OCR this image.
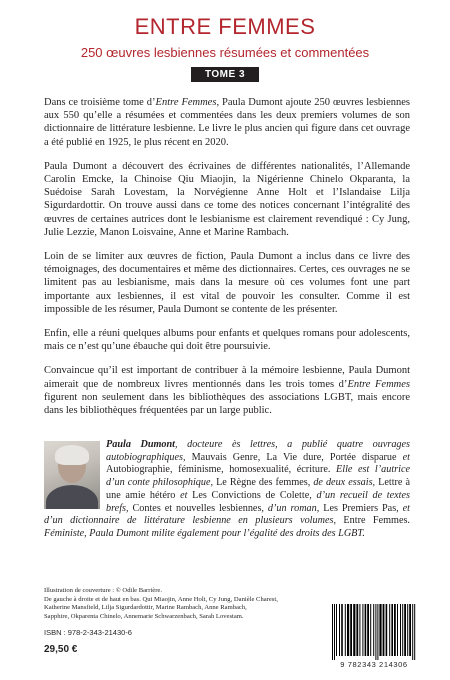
ENTRE FEMMES
250 œuvres lesbiennes résumées et commentées
TOME 3

Dans ce troisième tome d’Entre Femmes, Paula Dumont ajoute 250 œuvres lesbiennes aux 550 qu’elle a résumées et commentées dans les deux premiers volumes de son dictionnaire de littérature lesbienne. Le livre le plus ancien qui figure dans cet ouvrage a été publié en 1925, le plus récent en 2020.

Paula Dumont a découvert des écrivaines de différentes nationalités, l’Allemande Carolin Emcke, la Chinoise Qiu Miaojin, la Nigérienne Chinelo Okparanta, la Suédoise Sarah Lovestam, la Norvégienne Anne Holt et l’Islandaise Lilja Sigurdardottir. On trouve aussi dans ce tome des notices concernant l’intégralité des œuvres de certaines autrices dont le lesbianisme est clairement revendiqué : Cy Jung, Julie Lezzie, Manon Loisvaine, Anne et Marine Rambach.

Loin de se limiter aux œuvres de fiction, Paula Dumont a inclus dans ce livre des témoignages, des documentaires et même des dictionnaires. Certes, ces ouvrages ne se limitent pas au lesbianisme, mais dans la mesure où ces volumes font une part importante aux lesbiennes, il est vital de pouvoir les consulter. Comme il est impossible de les résumer, Paula Dumont se contente de les présenter.

Enfin, elle a réuni quelques albums pour enfants et quelques romans pour adolescents, mais ce n’est qu’une ébauche qui doit être poursuivie.

Convaincue qu’il est important de contribuer à la mémoire lesbienne, Paula Dumont aimerait que de nombreux livres mentionnés dans les trois tomes d’Entre Femmes figurent non seulement dans les bibliothèques des associations LGBT, mais encore dans les bibliothèques fréquentées par un large public.

Paula Dumont, docteure ès lettres, a publié quatre ouvrages autobiographiques, Mauvais Genre, La Vie dure, Portée disparue et Autobiographie, féminisme, homosexualité, écriture. Elle est l’autrice d’un conte philosophique, Le Règne des femmes, de deux essais, Lettre à une amie hétéro et Les Convictions de Colette, d’un recueil de textes brefs, Contes et nouvelles lesbiennes, d’un roman, Les Premiers Pas, et d’un dictionnaire de littérature lesbienne en plusieurs volumes, Entre Femmes. Féministe, Paula Dumont milite également pour l’égalité des droits des LGBT.
Illustration de couverture : © Odile Barrière.
De gauche à droite et de haut en bas. Qui Miaojin, Anne Holt, Cy Jung, Danièle Charest,
Katherine Mansfield, Lilja Sigurdardottir, Marine Rambach, Anne Rambach,
Sapphire, Okparenta Chinelo, Annemarie Schwarzenbach, Sarah Lovestam.
ISBN : 978-2-343-21430-6
29,50 €
9 782343 214306
